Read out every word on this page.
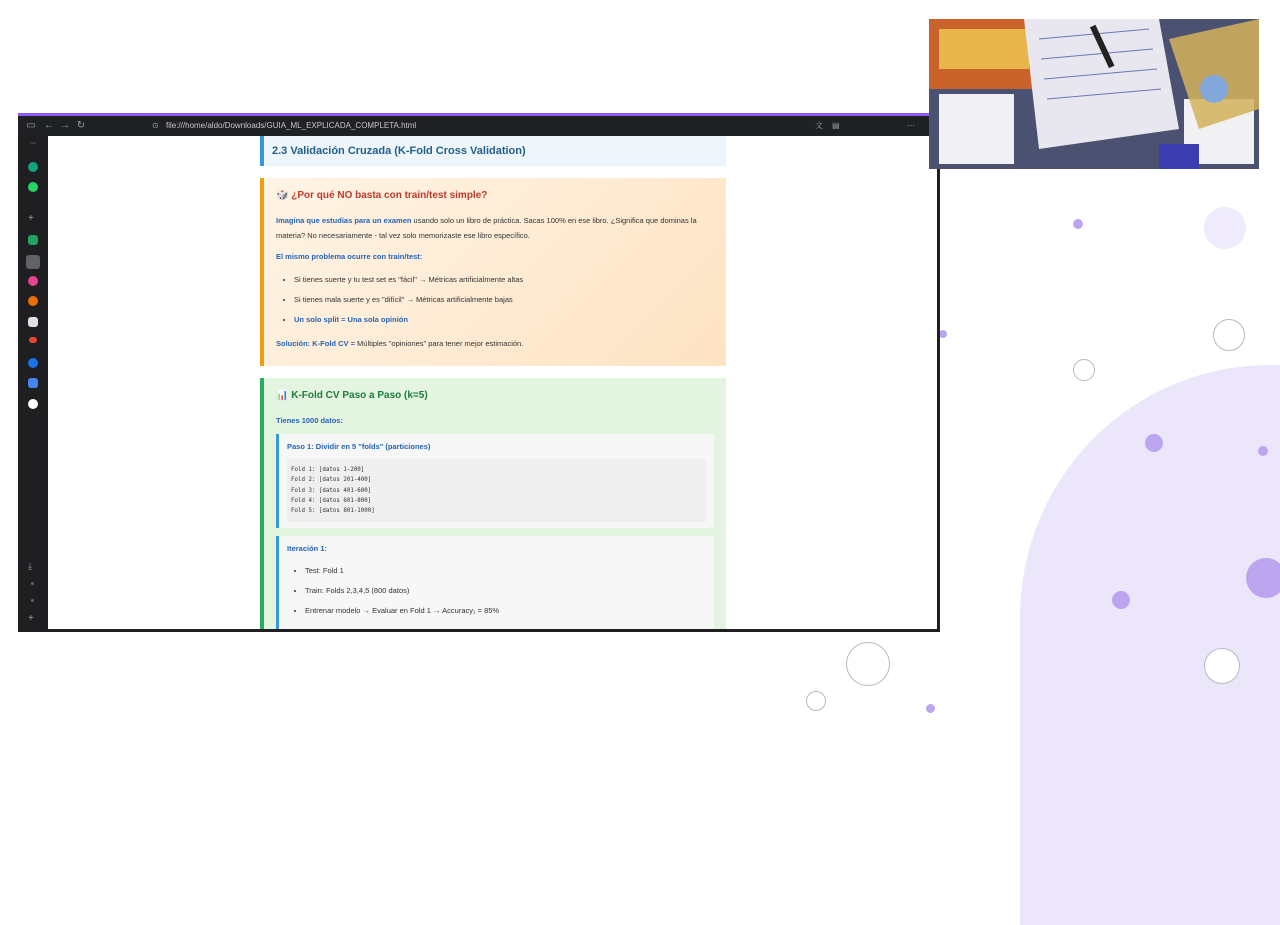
▭ ← → ↻	⊙ file:///home/aldo/Downloads/GUIA_ML_EXPLICADA_COMPLETA.html	文 ▤	⋯
+
⤓
+
2.3 Validación Cruzada (K-Fold Cross Validation)
🎲 ¿Por qué NO basta con train/test simple?

Imagina que estudias para un examen usando solo un libro de práctica. Sacas 100% en ese libro. ¿Significa que dominas la materia? No necesariamente - tal vez solo memorizaste ese libro específico.

El mismo problema ocurre con train/test:

• Si tienes suerte y tu test set es "fácil" → Métricas artificialmente altas
• Si tienes mala suerte y es "difícil" → Métricas artificialmente bajas
• Un solo split = Una sola opinión

Solución: K-Fold CV = Múltiples "opiniones" para tener mejor estimación.

📊 K-Fold CV Paso a Paso (k=5)

Tienes 1000 datos:

Paso 1: Dividir en 5 "folds" (particiones)
Fold 1: [datos 1-200]
Fold 2: [datos 201-400]
Fold 3: [datos 401-600]
Fold 4: [datos 601-800]
Fold 5: [datos 801-1000]
Iteración 1:
• Test: Fold 1
• Train: Folds 2,3,4,5 (800 datos)
• Entrenar modelo → Evaluar en Fold 1 → Accuracy₁ = 85%
